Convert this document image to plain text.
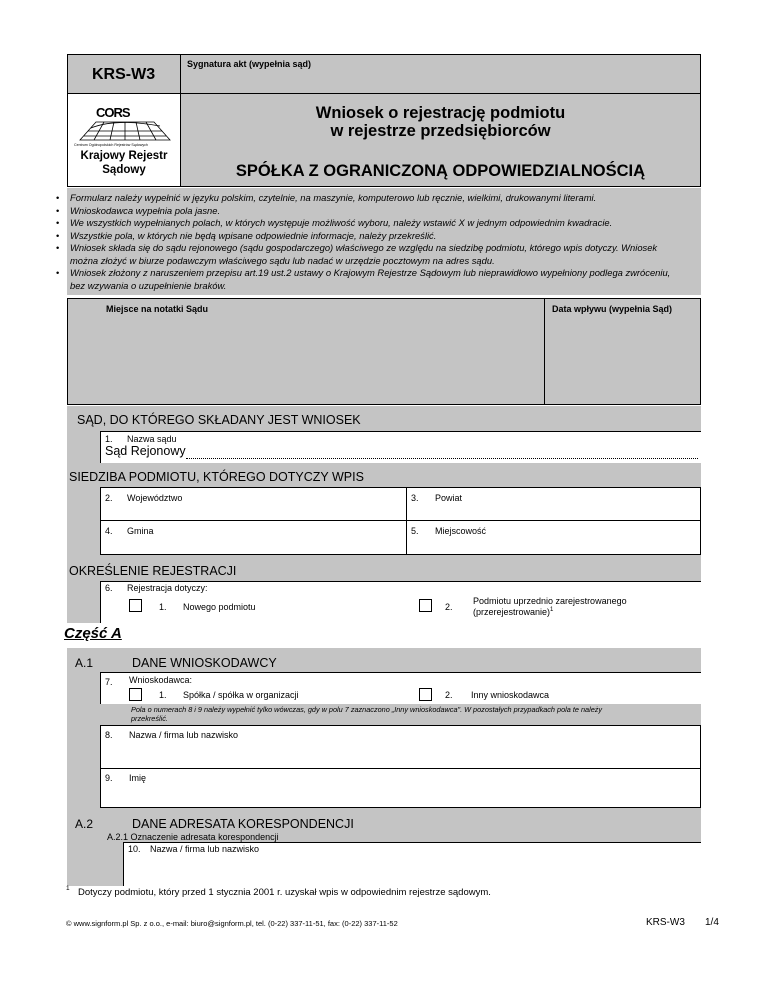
KRS-W3
Sygnatura akt (wypełnia sąd)
CORS
Centrum Ogólnopolskich Rejestrów Sądowych
Krajowy Rejestr
Sądowy
Wniosek o rejestrację podmiotu
w rejestrze przedsiębiorców
SPÓŁKA Z OGRANICZONĄ ODPOWIEDZIALNOŚCIĄ
• Formularz należy wypełnić w języku polskim, czytelnie, na maszynie, komputerowo lub ręcznie, wielkimi, drukowanymi literami.
• Wnioskodawca wypełnia pola jasne.
• We wszystkich wypełnianych polach, w których występuje możliwość wyboru, należy wstawić X w jednym odpowiednim kwadracie.
• Wszystkie pola, w których nie będą wpisane odpowiednie informacje, należy przekreślić.
• Wniosek składa się do sądu rejonowego (sądu gospodarczego) właściwego ze względu na siedzibę podmiotu, którego wpis dotyczy. Wniosek można złożyć w biurze podawczym właściwego sądu lub nadać w urzędzie pocztowym na adres sądu.
• Wniosek złożony z naruszeniem przepisu art.19 ust.2 ustawy o Krajowym Rejestrze Sądowym lub nieprawidłowo wypełniony podlega zwróceniu, bez wzywania o uzupełnienie braków.
Miejsce na notatki Sądu	Data wpływu (wypełnia Sąd)
SĄD, DO KTÓREGO SKŁADANY JEST WNIOSEK
1. Nazwa sądu
Sąd Rejonowy
SIEDZIBA PODMIOTU, KTÓREGO DOTYCZY WPIS
2. Województwo	3. Powiat
4. Gmina	5. Miejscowość
OKREŚLENIE REJESTRACJI
6. Rejestracja dotyczy:
1. Nowego podmiotu	2.
Podmiotu uprzednio zarejestrowanego
(przerejestrowanie)$^1$
Część A
A.1	DANE WNIOSKODAWCY
7. Wnioskodawca:
1. Spółka / spółka w organizacji	2. Inny wnioskodawca
Pola o numerach 8 i 9 należy wypełnić tylko wówczas, gdy w polu 7 zaznaczono „Inny wnioskodawca". W pozostałych przypadkach pola te należy
przekreślić.
8. Nazwa / firma lub nazwisko
9. Imię
A.2	DANE ADRESATA KORESPONDENCJI
A.2.1 Oznaczenie adresata korespondencji
10. Nazwa / firma lub nazwisko
1 Dotyczy podmiotu, który przed 1 stycznia 2001 r. uzyskał wpis w odpowiednim rejestrze sądowym.
© www.signform.pl Sp. z o.o., e-mail: biuro@signform.pl, tel. (0-22) 337-11-51, fax: (0-22) 337-11-52	KRS-W3 1/4
